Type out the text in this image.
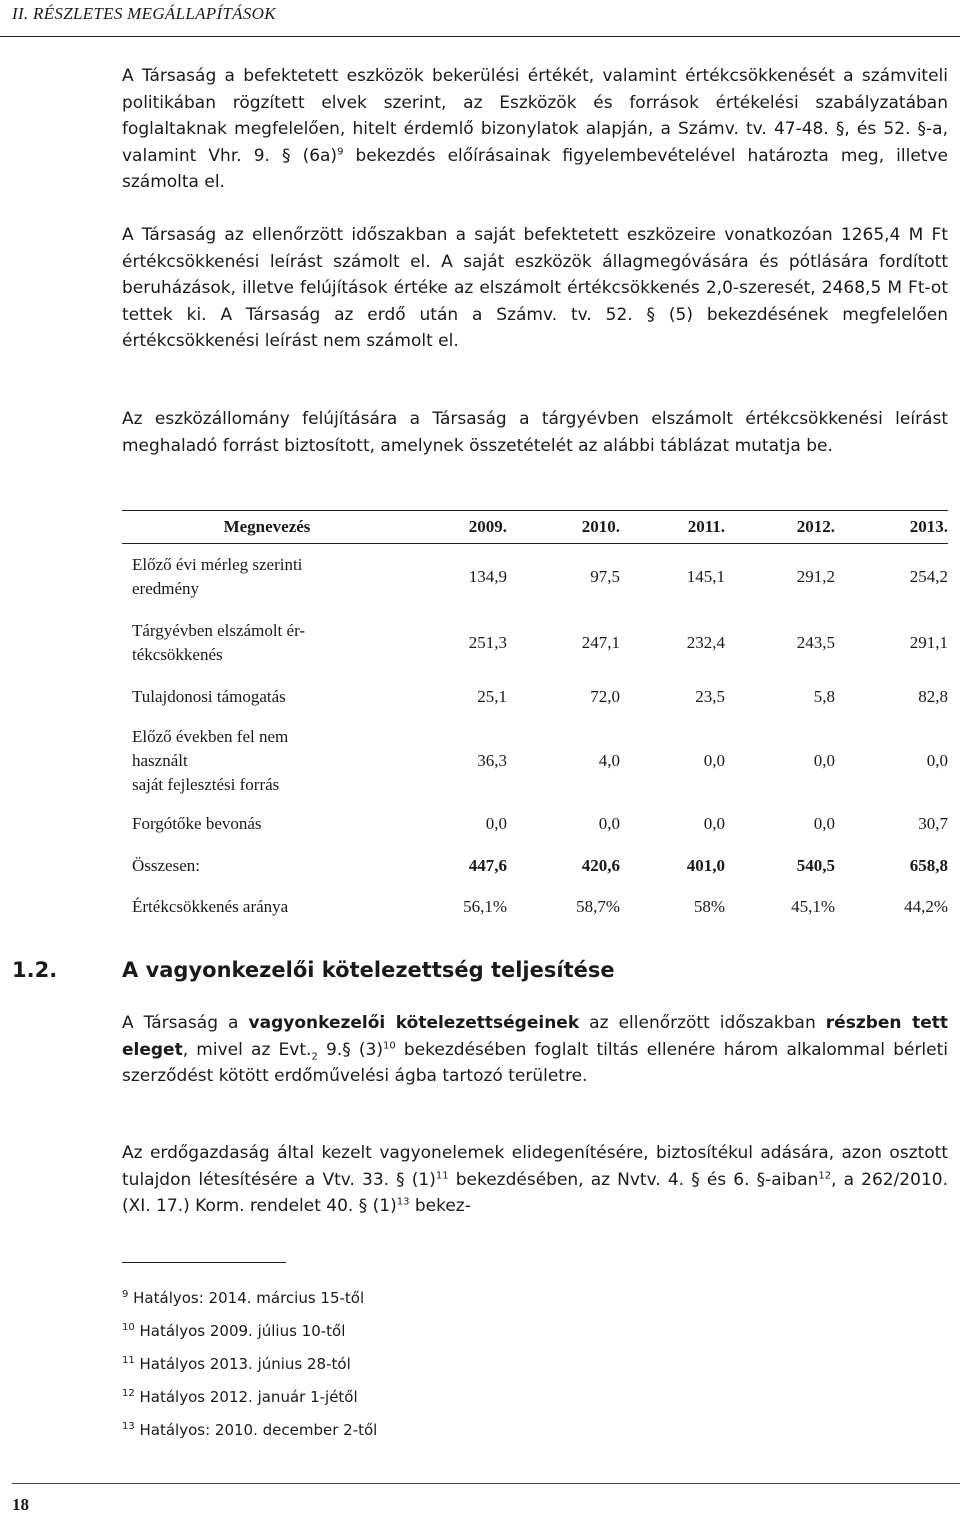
II. RÉSZLETES MEGÁLLAPÍTÁSOK

A Társaság a befektetett eszközök bekerülési értékét, valamint értékcsökkenését a számviteli politikában rögzített elvek szerint, az Eszközök és források értékelési szabályzatában foglaltaknak megfelelően, hitelt érdemlő bizonylatok alapján, a Számv. tv. 47-48. §, és 52. §-a, valamint Vhr. 9. § $(6a)^9$ bekezdés előírásainak figyelembevételével határozta meg, illetve számolta el.

A Társaság az ellenőrzött időszakban a saját befektetett eszközeire vonatkozóan 1265,4 M Ft értékcsökkenési leírást számolt el. A saját eszközök állagmegóvására és pótlására fordított beruházások, illetve felújítások értéke az elszámolt értékcsökkenés 2,0-szeresét, 2468,5 M Ft-ot tettek ki. A Társaság az erdő után a Számv. tv. 52. § (5) bekezdésének megfelelően értékcsökkenési leírást nem számolt el.

Az eszközállomány felújítására a Társaság a tárgyévben elszámolt értékcsökkenési leírást meghaladó forrást biztosított, amelynek összetételét az alábbi táblázat mutatja be.

Megnevezés	2009.	2010.	2011.	2012.	2013.

Előző évi mérleg szerinti
eredmény	134,9	97,5	145,1	291,2	254,2

Tárgyévben elszámolt ér-
tékcsökkenés	251,3	247,1	232,4	243,5	291,1

Tulajdonosi támogatás	25,1	72,0	23,5	5,8	82,8

Előző években fel nem
használt
saját fejlesztési forrás	36,3	4,0	0,0	0,0	0,0

Forgótőke bevonás	0,0	0,0	0,0	0,0	30,7

Összesen:	447,6	420,6	401,0	540,5	658,8

Értékcsökkenés aránya	56,1%	58,7%	58%	45,1%	44,2%
1.2.	A vagyonkezelői kötelezettség teljesítése

A Társaság a vagyonkezelői kötelezettségeinek az ellenőrzött időszakban részben tett eleget, mivel az $Evt._2$ 9.§ $(3)^{10}$ bekezdésében foglalt tiltás ellenére három alkalommal bérleti szerződést kötött erdőművelési ágba tartozó területre.

Az erdőgazdaság által kezelt vagyonelemek elidegenítésére, biztosítékul adására, azon osztott tulajdon létesítésére a Vtv. 33. § $(1)^{11}$ bekezdésében, az Nvtv. 4. § és 6. §-aiban$^{12}$, a 262/2010. (XI. 17.) Korm. rendelet 40. § $(1)^{13}$ bekez-

$^9$ Hatályos: 2014. március 15-től
$^{10}$ Hatályos 2009. július 10-től
$^{11}$ Hatályos 2013. június 28-tól
$^{12}$ Hatályos 2012. január 1-jétől
$^{13}$ Hatályos: 2010. december 2-től
18
